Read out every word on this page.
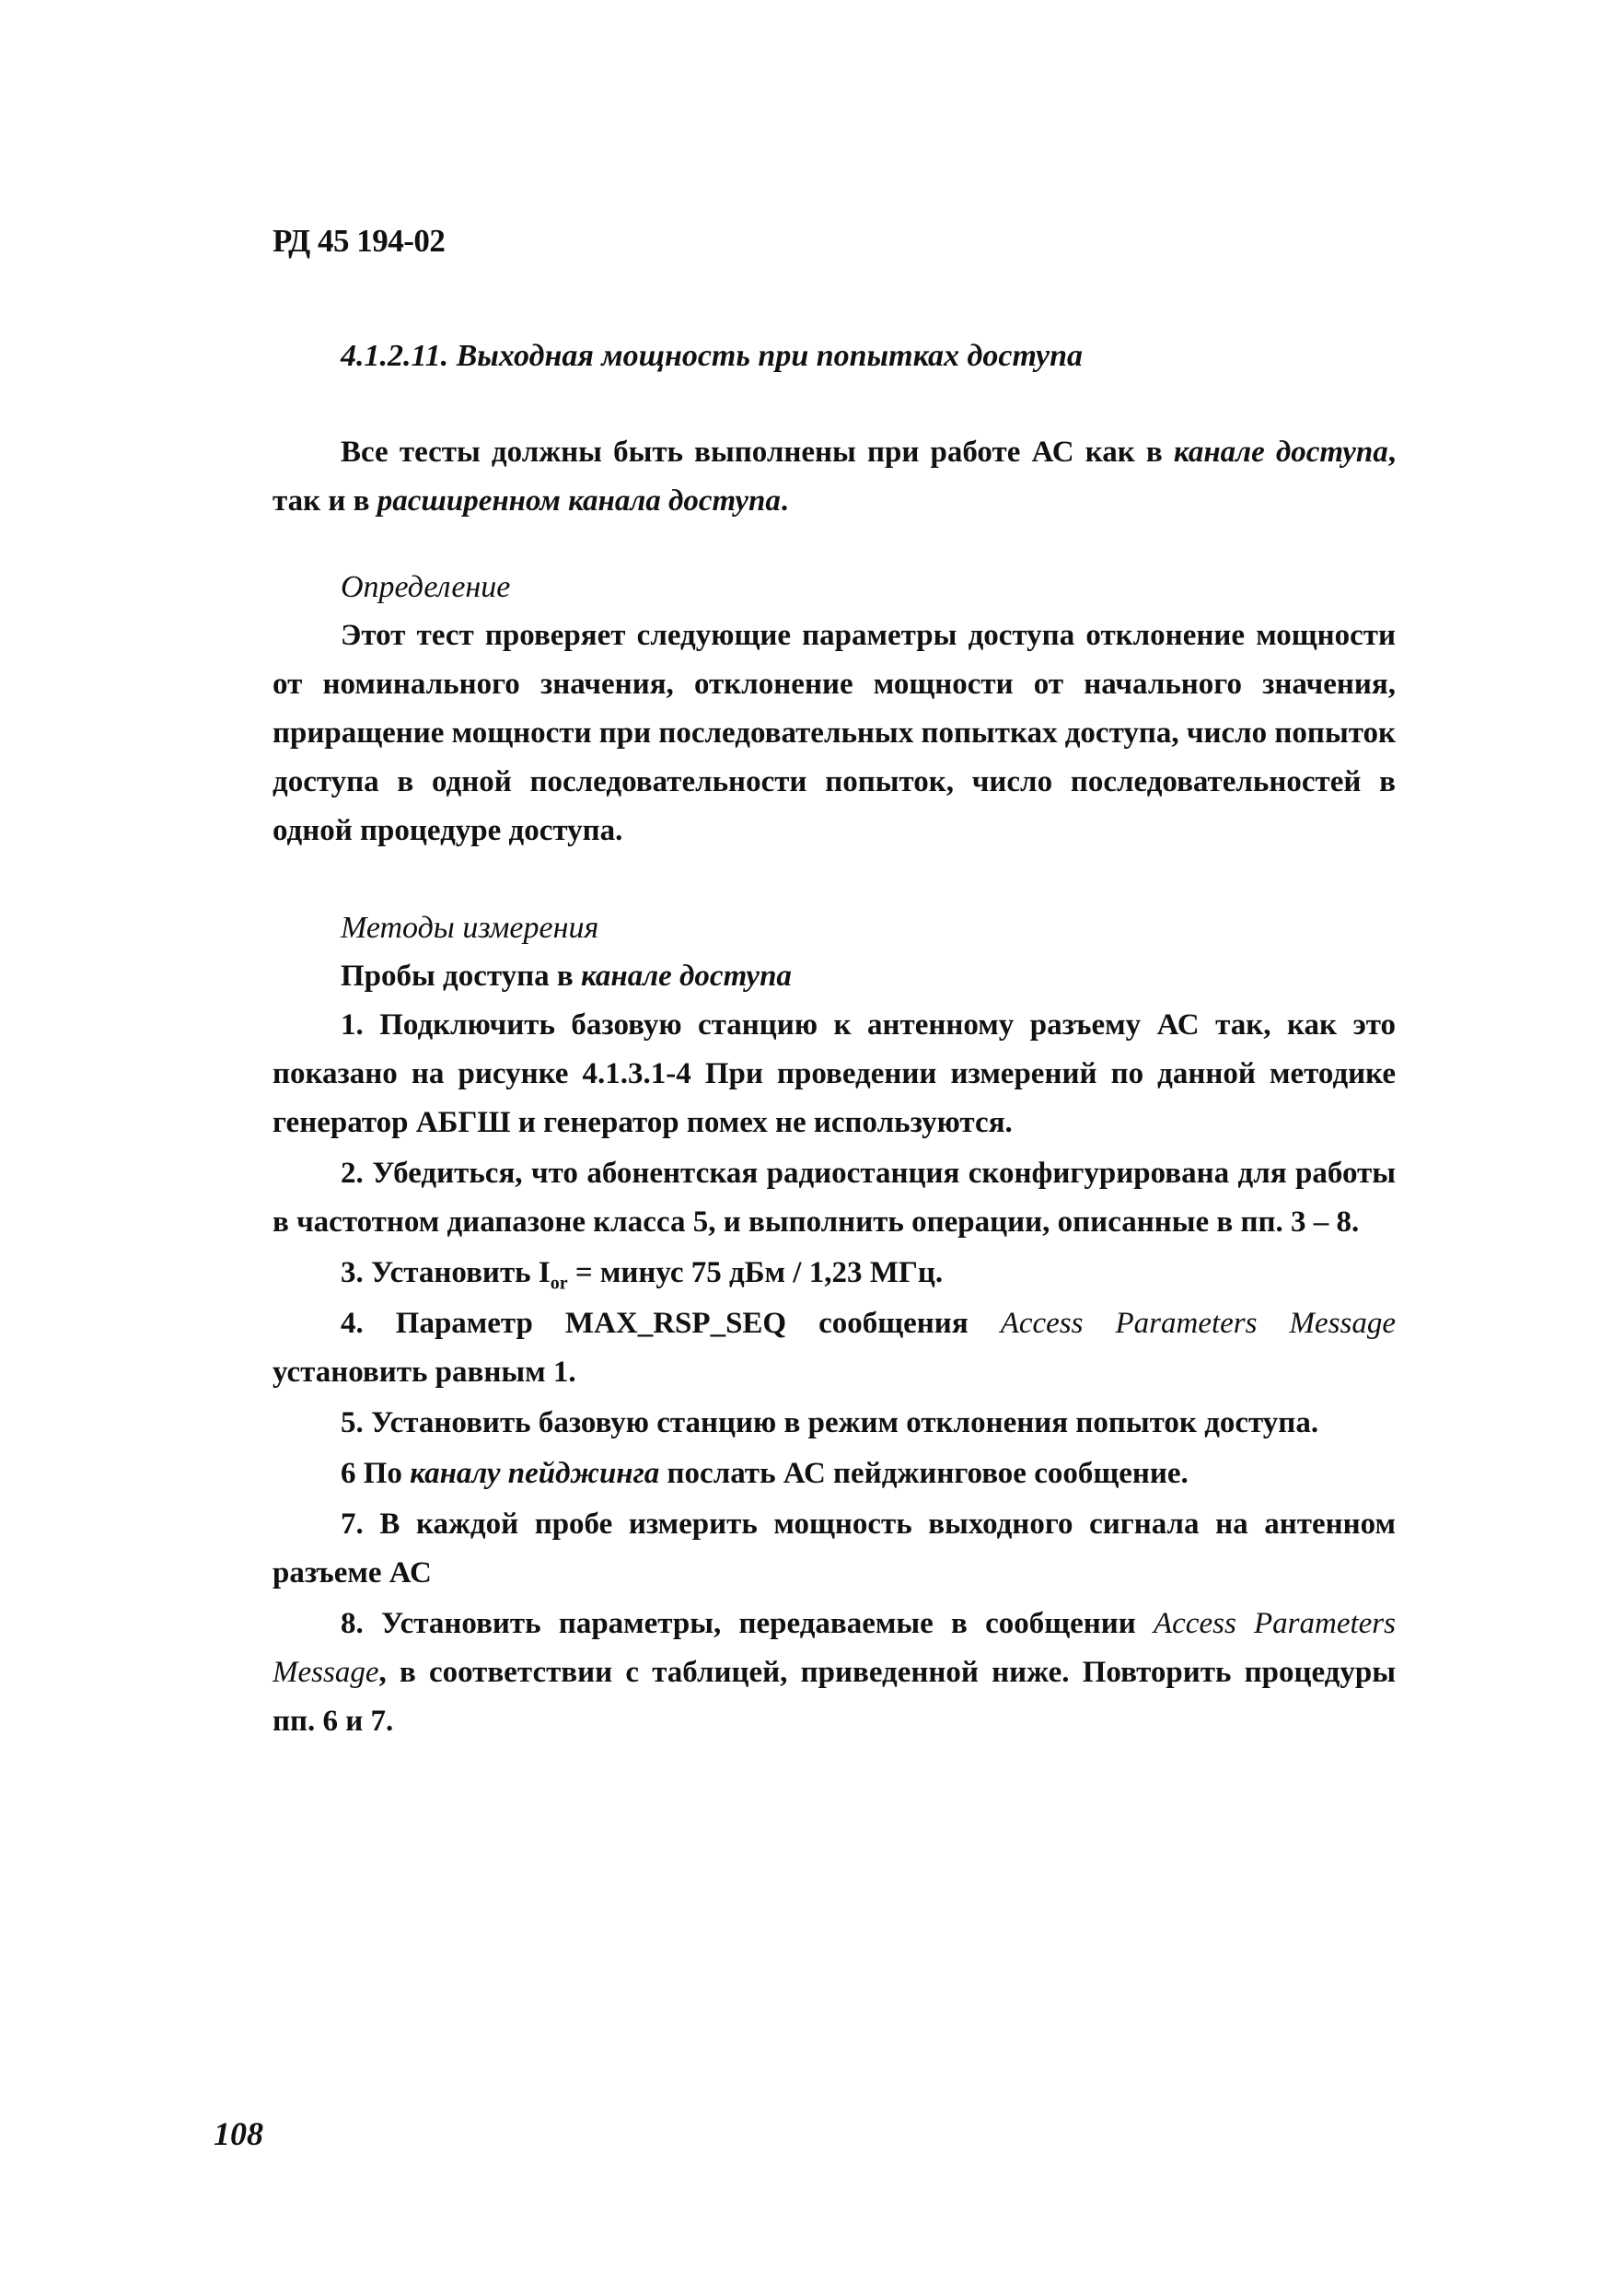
РД 45 194-02

4.1.2.11. Выходная мощность при попытках доступа

Все тесты должны быть выполнены при работе АС как в канале доступа, так и в расширенном канала доступа.

Определение

Этот тест проверяет следующие параметры доступа отклонение мощности от номинального значения, отклонение мощности от начального значения, приращение мощности при последовательных попытках доступа, число попыток доступа в одной последовательности попыток, число последовательностей в одной процедуре доступа.

Методы измерения

Пробы доступа в канале доступа

1. Подключить базовую станцию к антенному разъему АС так, как это показано на рисунке 4.1.3.1-4 При проведении измерений по данной методике генератор АБГШ и генератор помех не используются.

2. Убедиться, что абонентская радиостанция сконфигурирована для работы в частотном диапазоне класса 5, и выполнить операции, описанные в пп. 3 – 8.

3. Установить $I_{or}$ = минус 75 дБм / 1,23 МГц.

4. Параметр MAX_RSP_SEQ сообщения Access Parameters Message установить равным 1.

5. Установить базовую станцию в режим отклонения попыток доступа.

6 По каналу пейджинга послать АС пейджинговое сообщение.

7. В каждой пробе измерить мощность выходного сигнала на антенном разъеме АС

8. Установить параметры, передаваемые в сообщении Access Parameters Message, в соответствии с таблицей, приведенной ниже. Повторить процедуры пп. 6 и 7.

108
